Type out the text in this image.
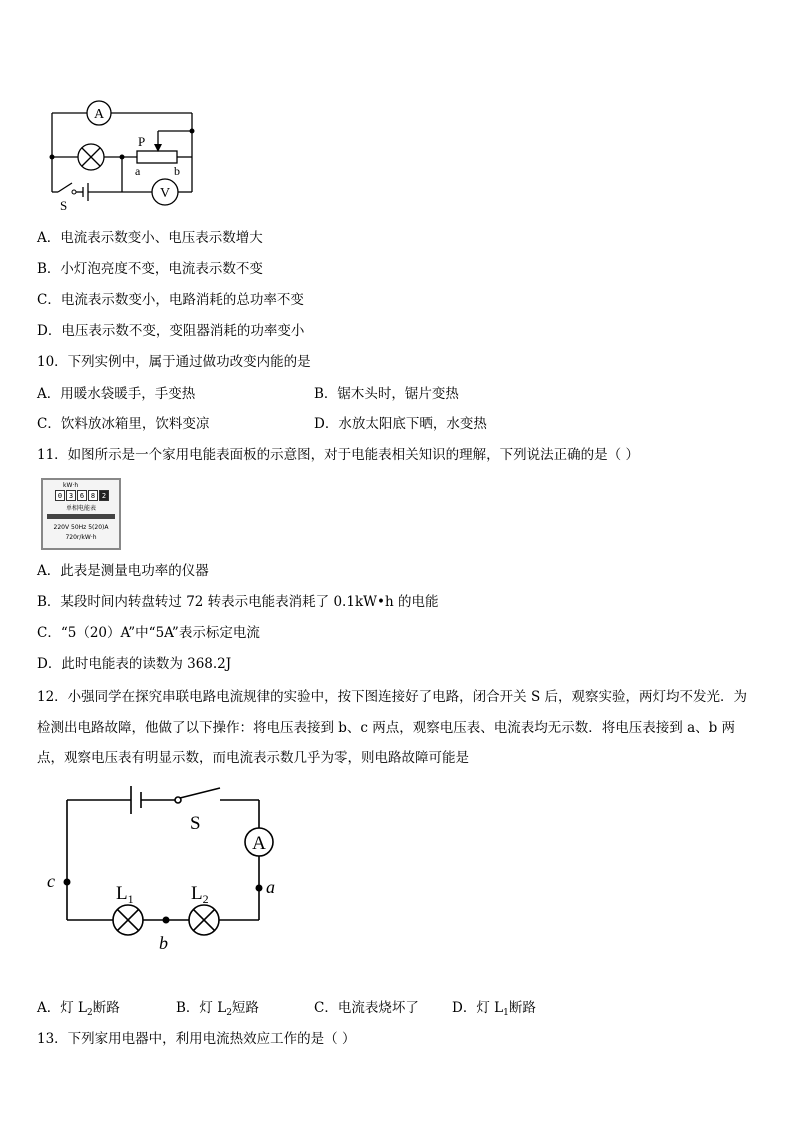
A
V
P
a	b
S
A．电流表示数变小、电压表示数增大
B．小灯泡亮度不变，电流表示数不变
C．电流表示数变小，电路消耗的总功率不变
D．电压表示数不变，变阻器消耗的功率变小
10．下列实例中，属于通过做功改变内能的是
A．用暖水袋暖手，手变热	B．锯木头时，锯片变热
C．饮料放冰箱里，饮料变凉	D．水放太阳底下晒，水变热
11．如图所示是一个家用电能表面板的示意图，对于电能表相关知识的理解，下列说法正确的是（ ）
kW·h
0 3 6 8 2
单相电能表
220V 50Hz 5(20)A
720r/kW·h
A．此表是测量电功率的仪器
B．某段时间内转盘转过 72 转表示电能表消耗了 0.1kW•h 的电能
C．“5（20）A”中“5A”表示标定电流
D．此时电能表的读数为 368.2J
12．小强同学在探究串联电路电流规律的实验中，按下图连接好了电路，闭合开关 S 后，观察实验，两灯均不发光．为
检测出电路故障，他做了以下操作：将电压表接到 b、c 两点，观察电压表、电流表均无示数．将电压表接到 a、b 两
点，观察电压表有明显示数，而电流表示数几乎为零，则电路故障可能是
S
A
c	a
b
$L_1$	$L_2$
A．灯 $L_2$断路	B．灯 $L_2$短路	C．电流表烧坏了 D．灯 $L_1$断路
13．下列家用电器中，利用电流热效应工作的是（ ）
